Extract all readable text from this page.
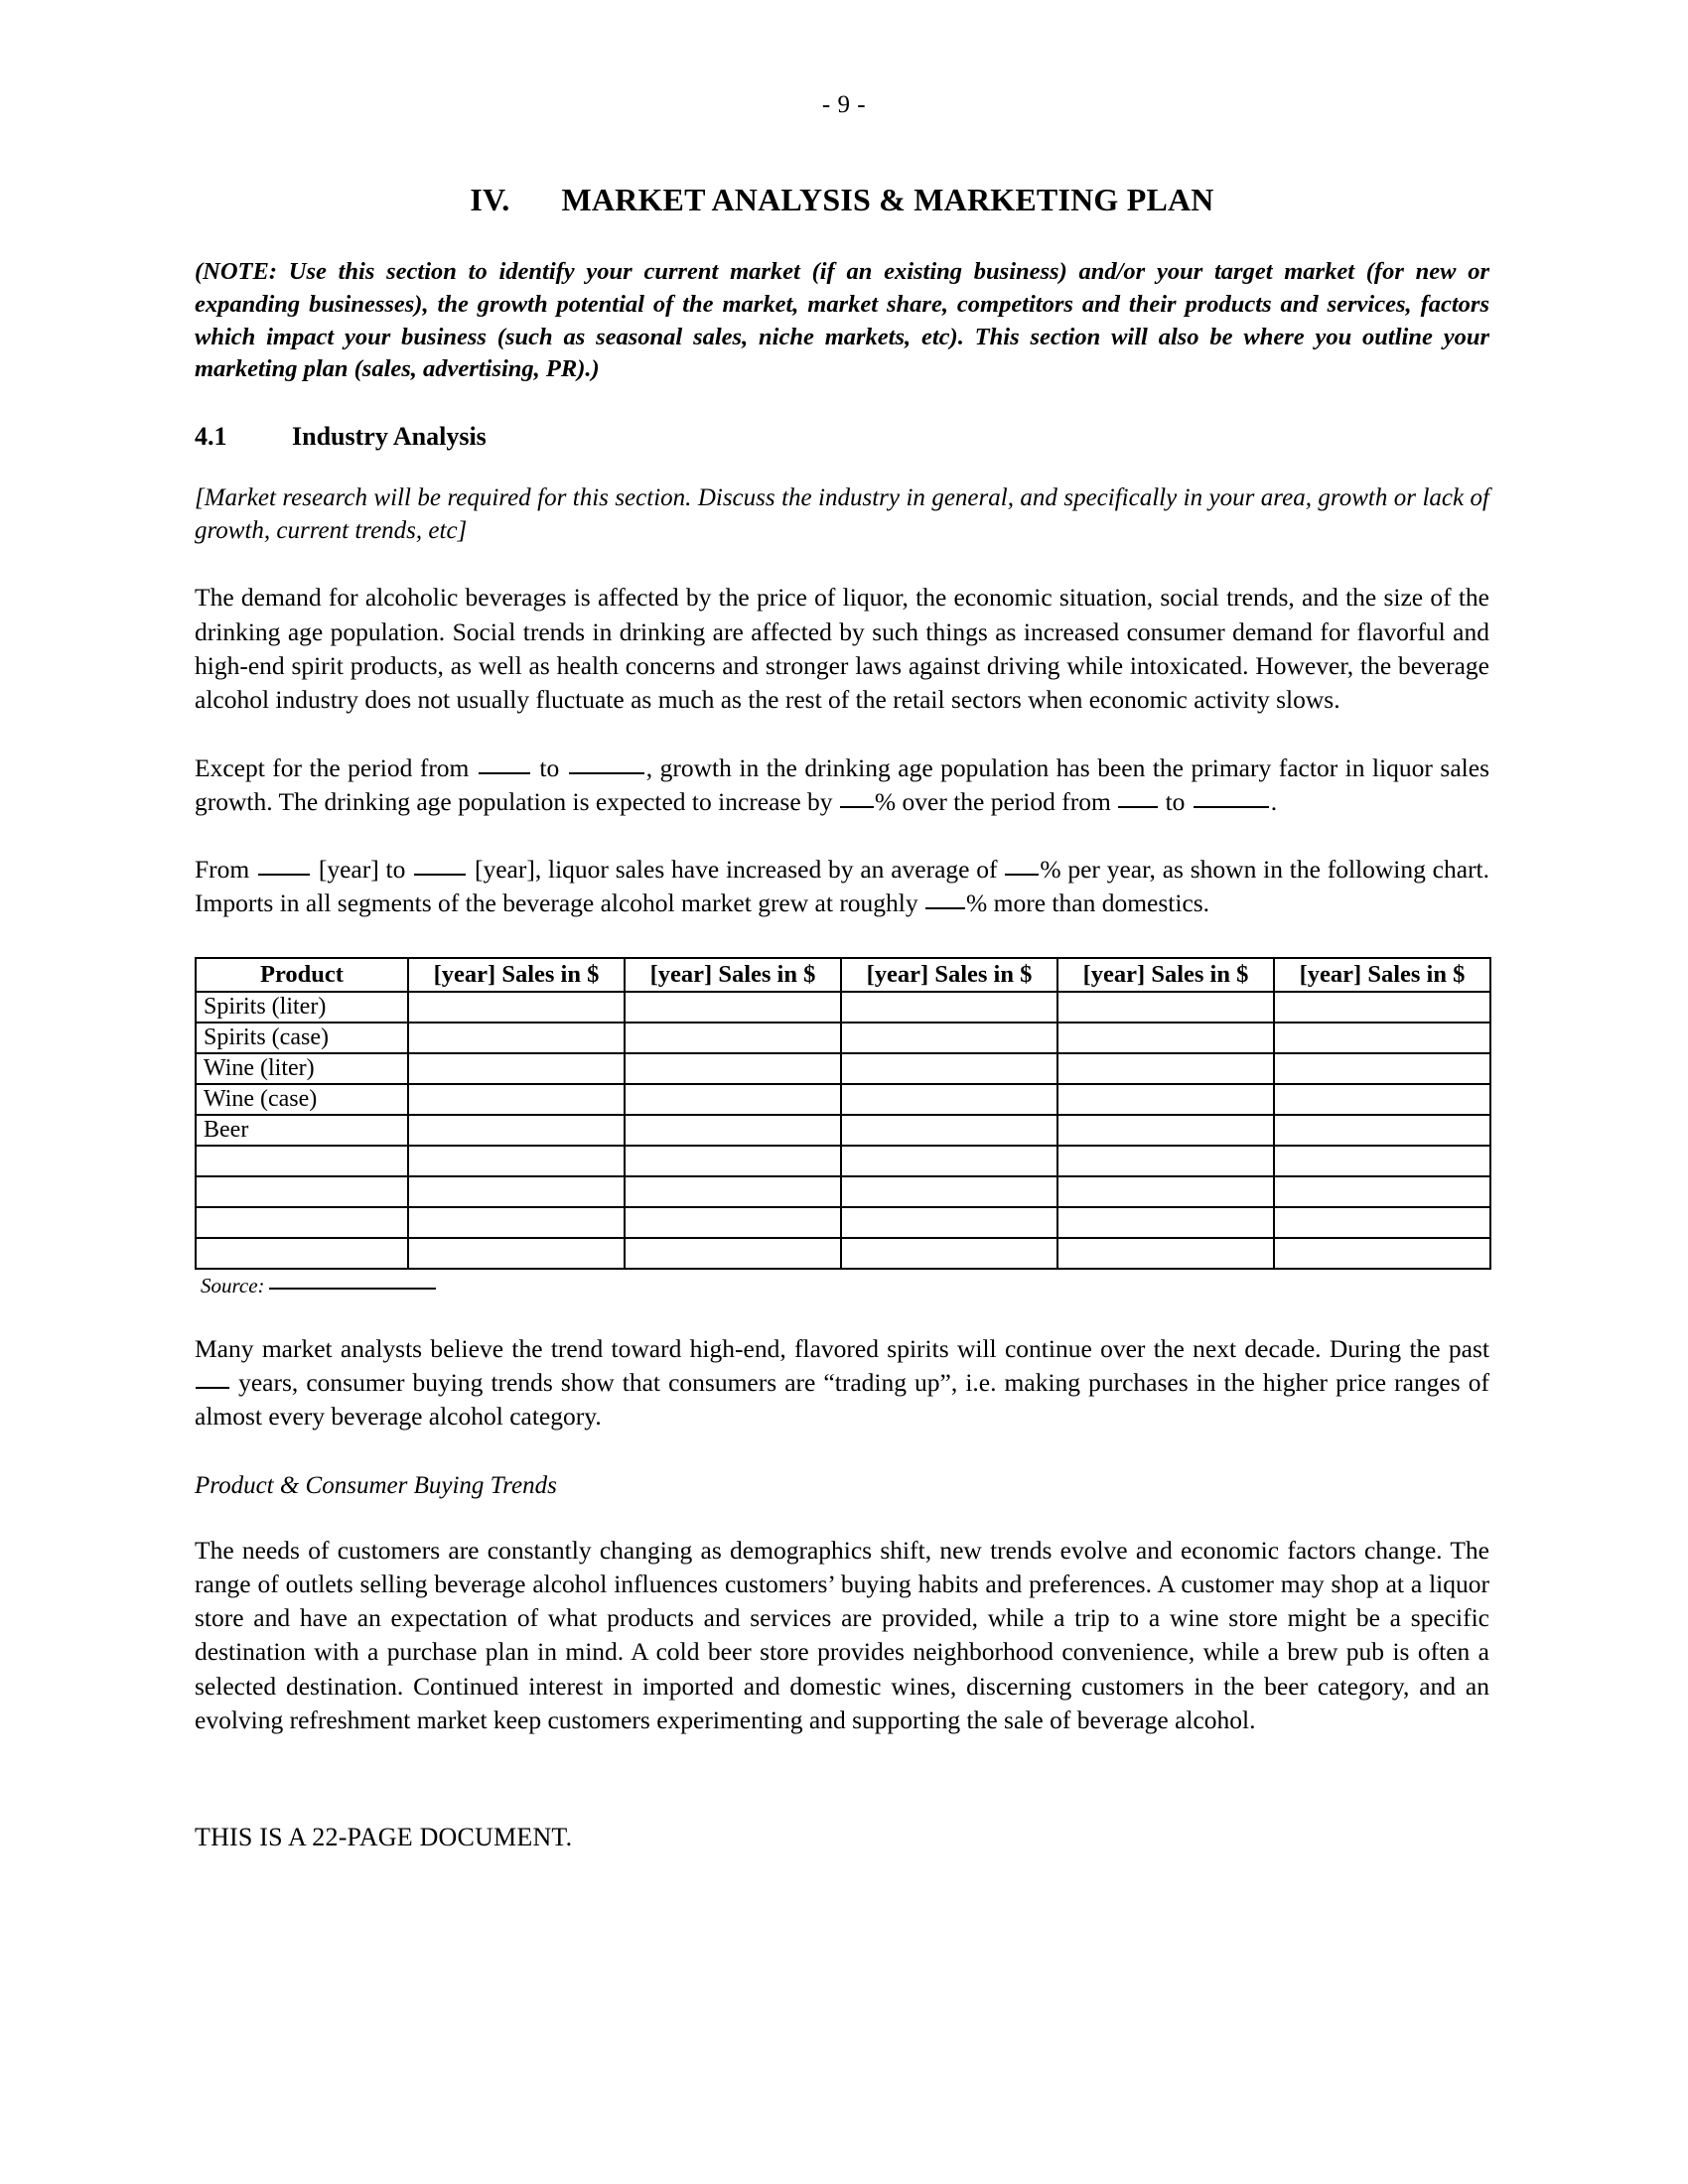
- 9 -
IV. MARKET ANALYSIS & MARKETING PLAN
(NOTE: Use this section to identify your current market (if an existing business) and/or your target market (for new or expanding businesses), the growth potential of the market, market share, competitors and their products and services, factors which impact your business (such as seasonal sales, niche markets, etc). This section will also be where you outline your marketing plan (sales, advertising, PR).)
4.1	Industry Analysis
[Market research will be required for this section. Discuss the industry in general, and specifically in your area, growth or lack of growth, current trends, etc]

The demand for alcoholic beverages is affected by the price of liquor, the economic situation, social trends, and the size of the drinking age population. Social trends in drinking are affected by such things as increased consumer demand for flavorful and high-end spirit products, as well as health concerns and stronger laws against driving while intoxicated. However, the beverage alcohol industry does not usually fluctuate as much as the rest of the retail sectors when economic activity slows.

Except for the period from	to	, growth in the drinking age population has been the primary factor in liquor sales growth. The drinking age population is expected to increase by % over the period from to	.

From	[year] to	[year], liquor sales have increased by an average of % per year, as shown in the following chart. Imports in all segments of the beverage alcohol market grew at roughly % more than domestics.

Product	[year] Sales in $	[year] Sales in $	[year] Sales in $	[year] Sales in $	[year] Sales in $
Spirits (liter)					
Spirits (case)					
Wine (liter)					
Wine (case)					
Beer					

Source:

Many market analysts believe the trend toward high-end, flavored spirits will continue over the next decade. During the past  years, consumer buying trends show that consumers are “trading up”, i.e. making purchases in the higher price ranges of almost every beverage alcohol category.

Product & Consumer Buying Trends

The needs of customers are constantly changing as demographics shift, new trends evolve and economic factors change. The range of outlets selling beverage alcohol influences customers’ buying habits and preferences. A customer may shop at a liquor store and have an expectation of what products and services are provided, while a trip to a wine store might be a specific destination with a purchase plan in mind. A cold beer store provides neighborhood convenience, while a brew pub is often a selected destination. Continued interest in imported and domestic wines, discerning customers in the beer category, and an evolving refreshment market keep customers experimenting and supporting the sale of beverage alcohol.

THIS IS A 22-PAGE DOCUMENT.
